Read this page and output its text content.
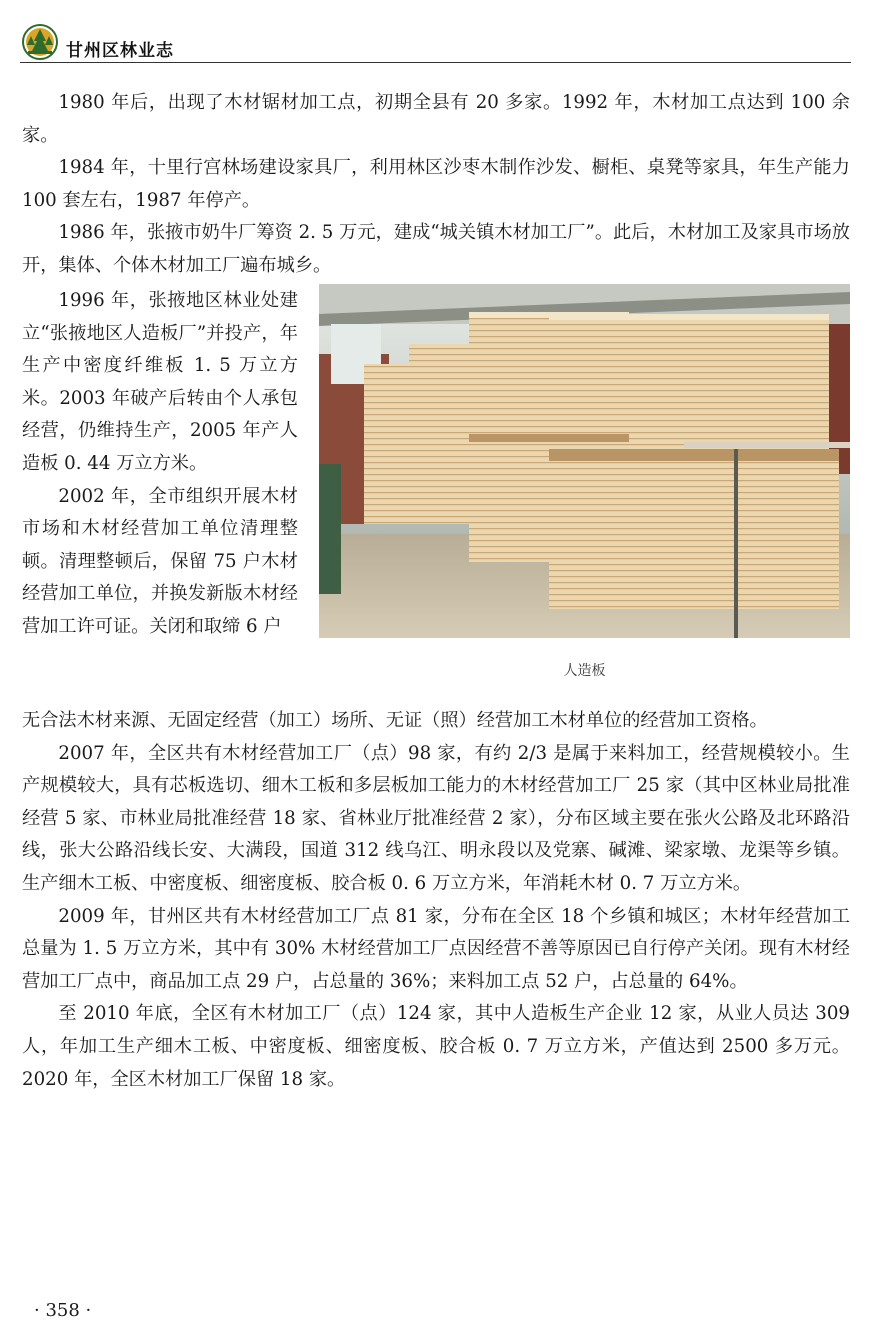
甘州区林业志

1980 年后，出现了木材锯材加工点，初期全县有 20 多家。1992 年，木材加工点达到 100 余家。

1984 年，十里行宫林场建设家具厂，利用林区沙枣木制作沙发、橱柜、桌凳等家具，年生产能力 100 套左右，1987 年停产。

1986 年，张掖市奶牛厂筹资 2. 5 万元，建成“城关镇木材加工厂”。此后，木材加工及家具市场放开，集体、个体木材加工厂遍布城乡。

1996 年，张掖地区林业处建立“张掖地区人造板厂”并投产，年生产中密度纤维板 1. 5 万立方米。2003 年破产后转由个人承包经营，仍维持生产，2005 年产人造板 0. 44 万立方米。

2002 年，全市组织开展木材市场和木材经营加工单位清理整顿。清理整顿后，保留 75 户木材经营加工单位，并换发新版木材经营加工许可证。关闭和取缔 6 户

人造板

无合法木材来源、无固定经营（加工）场所、无证（照）经营加工木材单位的经营加工资格。

2007 年，全区共有木材经营加工厂（点）98 家，有约 2/3 是属于来料加工，经营规模较小。生产规模较大，具有芯板选切、细木工板和多层板加工能力的木材经营加工厂 25 家（其中区林业局批准经营 5 家、市林业局批准经营 18 家、省林业厅批准经营 2 家），分布区域主要在张火公路及北环路沿线，张大公路沿线长安、大满段，国道 312 线乌江、明永段以及党寨、碱滩、梁家墩、龙渠等乡镇。生产细木工板、中密度板、细密度板、胶合板 0. 6 万立方米，年消耗木材 0. 7 万立方米。

2009 年，甘州区共有木材经营加工厂点 81 家，分布在全区 18 个乡镇和城区；木材年经营加工总量为 1. 5 万立方米，其中有 30% 木材经营加工厂点因经营不善等原因已自行停产关闭。现有木材经营加工厂点中，商品加工点 29 户，占总量的 36%；来料加工点 52 户，占总量的 64%。

至 2010 年底，全区有木材加工厂（点）124 家，其中人造板生产企业 12 家，从业人员达 309 人，年加工生产细木工板、中密度板、细密度板、胶合板 0. 7 万立方米，产值达到 2500 多万元。2020 年，全区木材加工厂保留 18 家。

· 358 ·
